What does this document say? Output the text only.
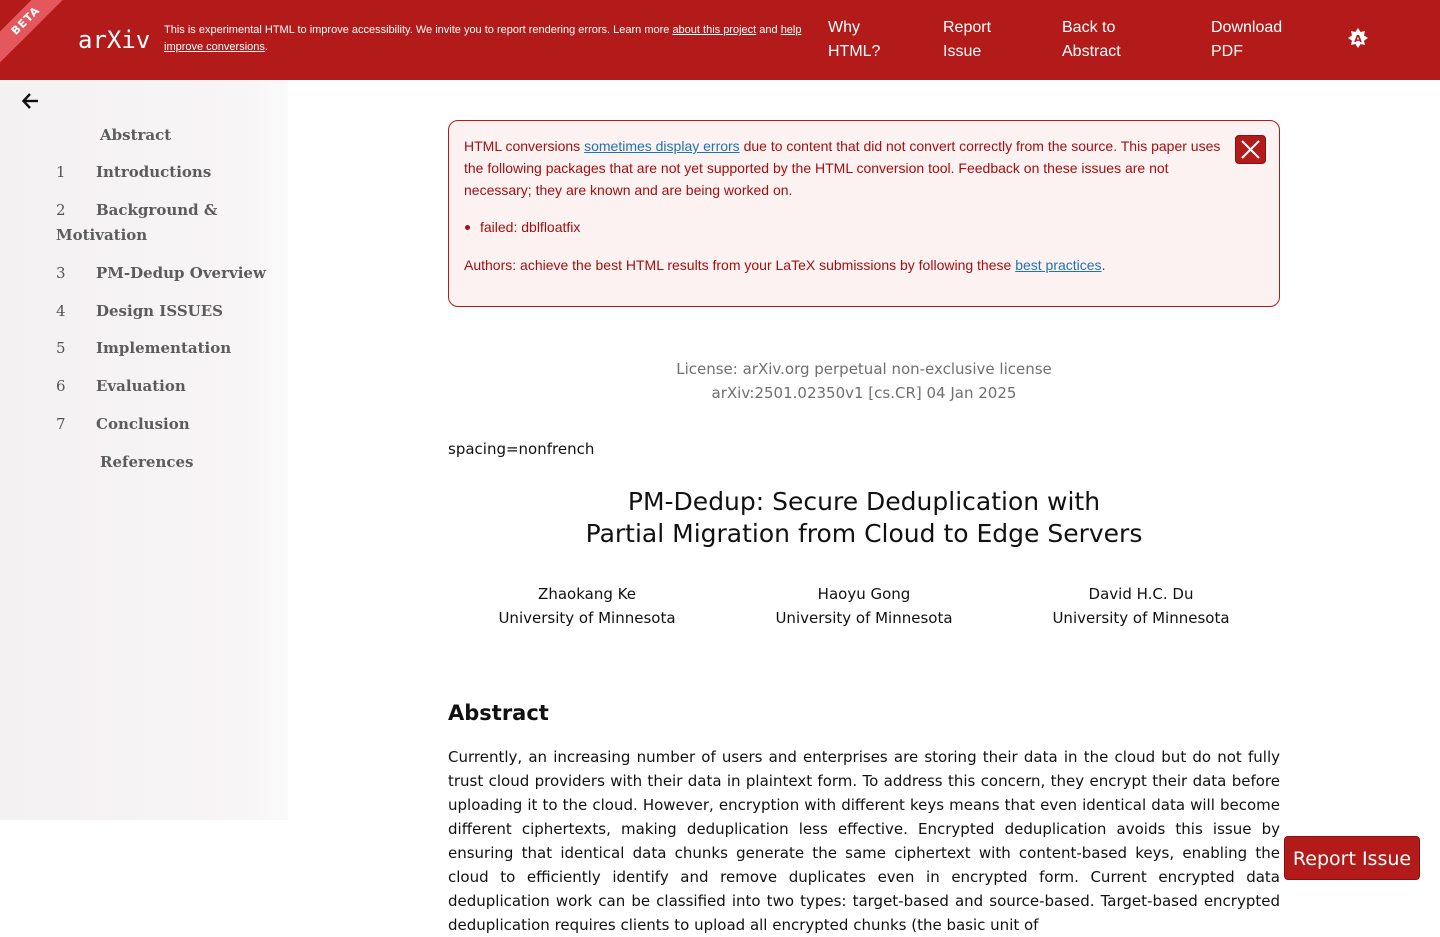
BETA
arXiv This is experimental HTML to improve accessibility. We invite you to report rendering errors. Learn more about this project and help improve conversions.
Why HTML?
Report Issue
Back to Abstract
Download PDF
A
Abstract
1 Introductions
2 Background &
Motivation
3 PM-Dedup Overview
4 Design ISSUES
5 Implementation
6 Evaluation
7 Conclusion
References
HTML conversions sometimes display errors due to content that did not convert correctly from the source. This paper uses the following packages that are not yet supported by the HTML conversion tool. Feedback on these issues are not necessary; they are known and are being worked on.
failed: dblfloatfix
Authors: achieve the best HTML results from your LaTeX submissions by following these best practices.
License: arXiv.org perpetual non-exclusive license
arXiv:2501.02350v1 [cs.CR] 04 Jan 2025
spacing=nonfrench
PM-Dedup: Secure Deduplication with
Partial Migration from Cloud to Edge Servers
Zhaokang Ke
University of Minnesota
Haoyu Gong
University of Minnesota
David H.C. Du
University of Minnesota
Abstract
Currently, an increasing number of users and enterprises are storing their data in the cloud but do not fully trust cloud providers with their data in plaintext form. To address this concern, they encrypt their data before uploading it to the cloud. However, encryption with different keys means that even identical data will become different ciphertexts, making deduplication less effective. Encrypted deduplication avoids this issue by ensuring that identical data chunks generate the same ciphertext with content-based keys, enabling the cloud to efficiently identify and remove duplicates even in encrypted form. Current encrypted data deduplication work can be classified into two types: target-based and source-based. Target-based encrypted deduplication requires clients to upload all encrypted chunks (the basic unit of
Report Issue
